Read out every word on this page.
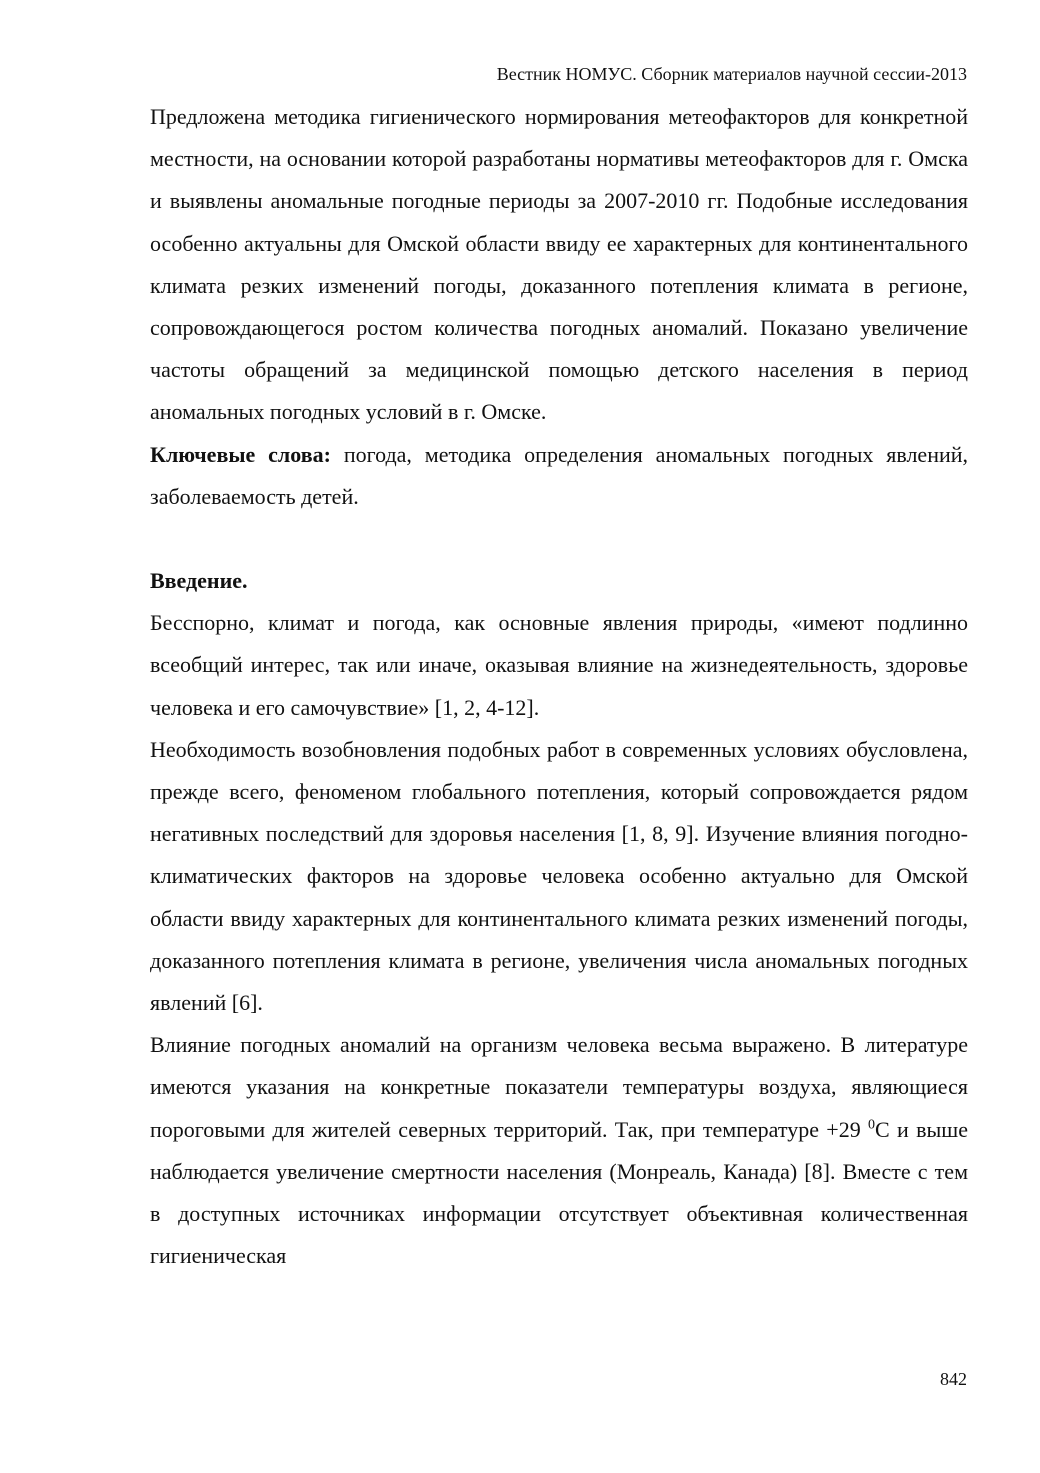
Вестник НОМУС. Сборник материалов научной сессии-2013

Предложена методика гигиенического нормирования метеофакторов для конкретной местности, на основании которой разработаны нормативы метеофакторов для г. Омска и выявлены аномальные погодные периоды за 2007-2010 гг. Подобные исследования особенно актуальны для Омской области ввиду ее характерных для континентального климата резких изменений погоды, доказанного потепления климата в регионе, сопровождающегося ростом количества погодных аномалий. Показано увеличение частоты обращений за медицинской помощью детского населения в период аномальных погодных условий в г. Омске.

Ключевые слова: погода, методика определения аномальных погодных явлений, заболеваемость детей.

Введение.

Бесспорно, климат и погода, как основные явления природы, «имеют подлинно всеобщий интерес, так или иначе, оказывая влияние на жизнедеятельность, здоровье человека и его самочувствие» [1, 2, 4-12].

Необходимость возобновления подобных работ в современных условиях обусловлена, прежде всего, феноменом глобального потепления, который сопровождается рядом негативных последствий для здоровья населения [1, 8, 9]. Изучение влияния погодно-климатических факторов на здоровье человека особенно актуально для Омской области ввиду характерных для континентального климата резких изменений погоды, доказанного потепления климата в регионе, увеличения числа аномальных погодных явлений [6].

Влияние погодных аномалий на организм человека весьма выражено. В литературе имеются указания на конкретные показатели температуры воздуха, являющиеся пороговыми для жителей северных территорий. Так, при температуре +29 $^0$С и выше наблюдается увеличение смертности населения (Монреаль, Канада) [8]. Вместе с тем в доступных источниках информации отсутствует объективная количественная гигиеническая

842
